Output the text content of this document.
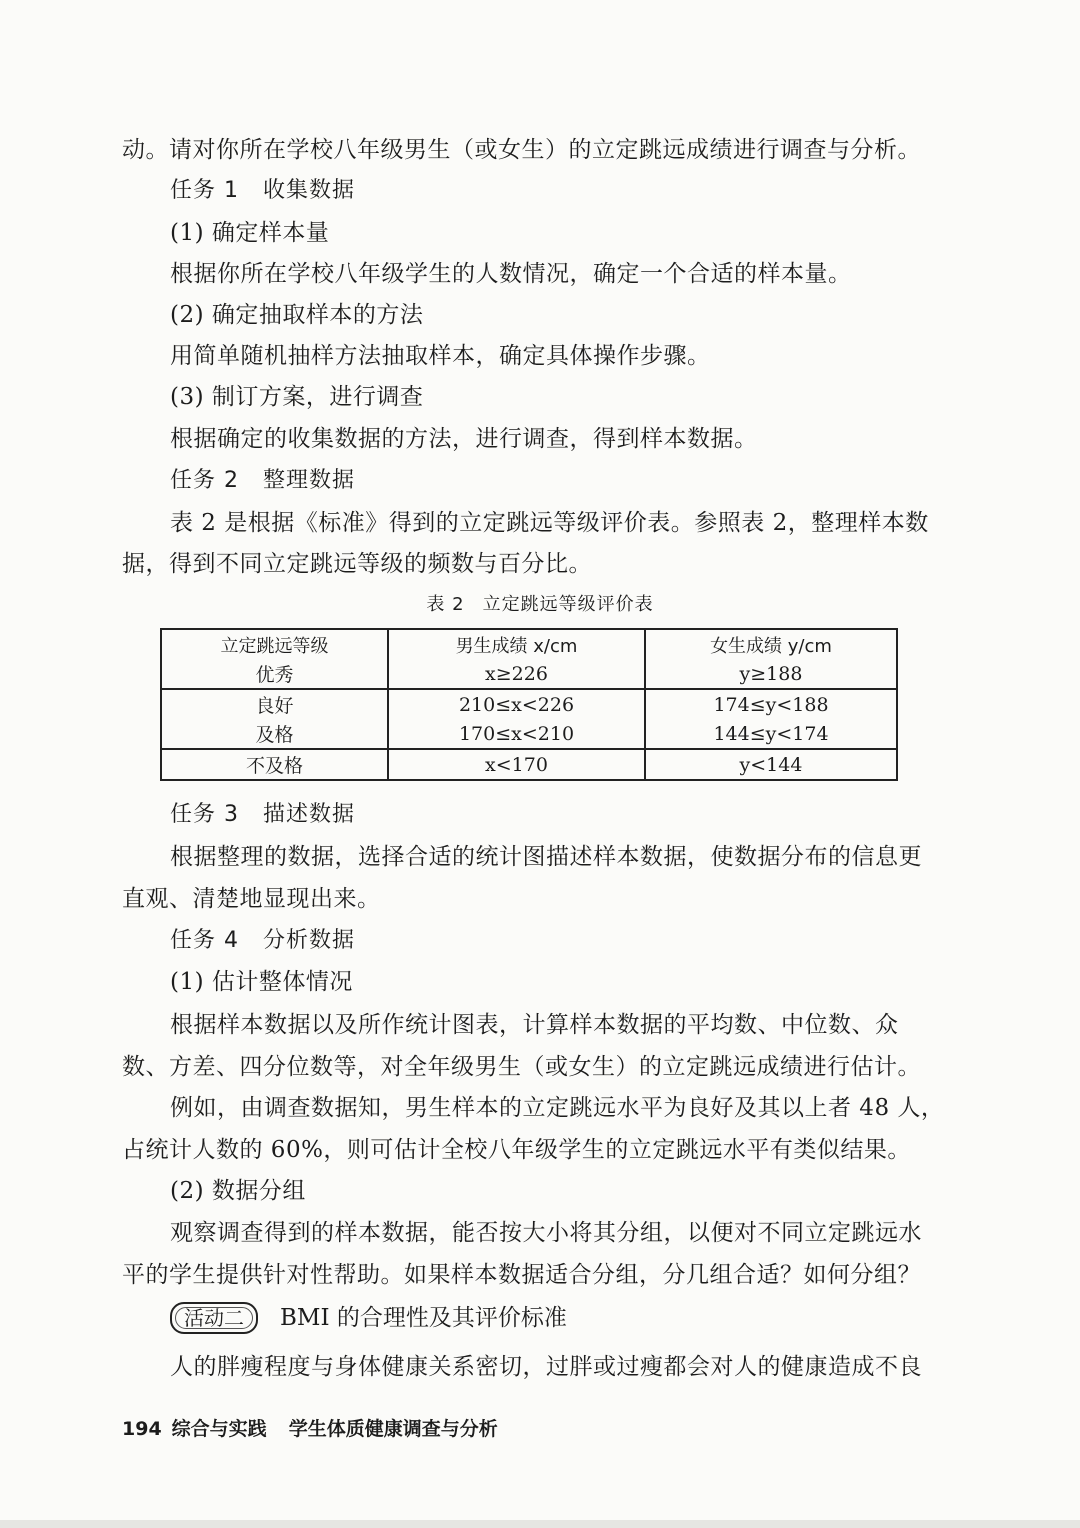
动。请对你所在学校八年级男生（或女生）的立定跳远成绩进行调查与分析。
任务 1 收集数据
(1) 确定样本量
根据你所在学校八年级学生的人数情况，确定一个合适的样本量。
(2) 确定抽取样本的方法
用简单随机抽样方法抽取样本，确定具体操作步骤。
(3) 制订方案，进行调查
根据确定的收集数据的方法，进行调查，得到样本数据。
任务 2 整理数据
表 2 是根据《标准》得到的立定跳远等级评价表。参照表 2，整理样本数
据，得到不同立定跳远等级的频数与百分比。
表 2 立定跳远等级评价表
立定跳远等级	男生成绩 x/cm	女生成绩 y/cm
优秀	x≥226	y≥188
良好	210≤x<226	174≤y<188
及格	170≤x<210	144≤y<174
不及格	x<170	y<144
任务 3 描述数据
根据整理的数据，选择合适的统计图描述样本数据，使数据分布的信息更
直观、清楚地显现出来。
任务 4 分析数据
(1) 估计整体情况
根据样本数据以及所作统计图表，计算样本数据的平均数、中位数、众
数、方差、四分位数等，对全年级男生（或女生）的立定跳远成绩进行估计。
例如，由调查数据知，男生样本的立定跳远水平为良好及其以上者 48 人，
占统计人数的 60%，则可估计全校八年级学生的立定跳远水平有类似结果。
(2) 数据分组
观察调查得到的样本数据，能否按大小将其分组，以便对不同立定跳远水
平的学生提供针对性帮助。如果样本数据适合分组，分几组合适？如何分组？
活动二 BMI 的合理性及其评价标准
人的胖瘦程度与身体健康关系密切，过胖或过瘦都会对人的健康造成不良
194 综合与实践 学生体质健康调查与分析
